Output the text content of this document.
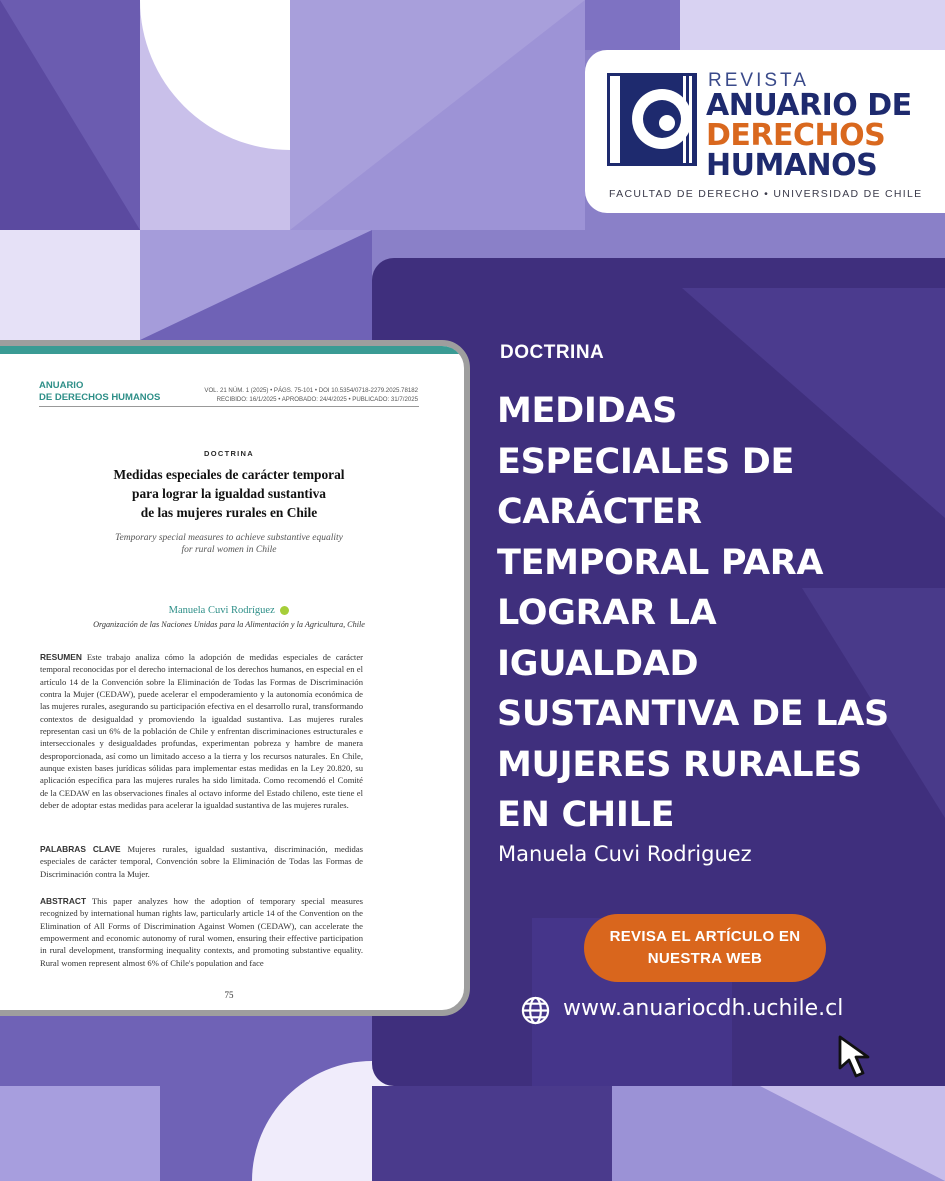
REVISTA
ANUARIO DE
DERECHOS
HUMANOS
FACULTAD DE DERECHO • UNIVERSIDAD DE CHILE
DOCTRINA
MEDIDAS
ESPECIALES DE
CARÁCTER
TEMPORAL PARA
LOGRAR LA
IGUALDAD
SUSTANTIVA DE LAS
MUJERES RURALES
EN CHILE
Manuela Cuvi Rodriguez
REVISA EL ARTÍCULO EN
NUESTRA WEB
www.anuariocdh.uchile.cl
ANUARIO
DE DERECHOS HUMANOS
VOL. 21 NÚM. 1 (2025) • PÁGS. 75-101 • DOI 10.5354/0718-2279.2025.78182
RECIBIDO: 16/1/2025 • APROBADO: 24/4/2025 • PUBLICADO: 31/7/2025
DOCTRINA
Medidas especiales de carácter temporal
para lograr la igualdad sustantiva
de las mujeres rurales en Chile
Temporary special measures to achieve substantive equality
for rural women in Chile
Manuela Cuvi Rodríguez
Organización de las Naciones Unidas para la Alimentación y la Agricultura, Chile
RESUMEN Este trabajo analiza cómo la adopción de medidas especiales de carácter temporal reconocidas por el derecho internacional de los derechos humanos, en especial en el artículo 14 de la Convención sobre la Eliminación de Todas las Formas de Discriminación contra la Mujer (CEDAW), puede acelerar el empoderamiento y la autonomía económica de las mujeres rurales, asegurando su participación efectiva en el desarrollo rural, transformando contextos de desigualdad y promoviendo la igualdad sustantiva. Las mujeres rurales representan casi un 6% de la población de Chile y enfrentan discriminaciones estructurales e interseccionales y desigualdades profundas, experimentan pobreza y hambre de manera desproporcionada, así como un limitado acceso a la tierra y los recursos naturales. En Chile, aunque existen bases jurídicas sólidas para implementar estas medidas en la Ley 20.820, su aplicación específica para las mujeres rurales ha sido limitada. Como recomendó el Comité de la CEDAW en las observaciones finales al octavo informe del Estado chileno, este tiene el deber de adoptar estas medidas para acelerar la igualdad sustantiva de las mujeres rurales.
PALABRAS CLAVE Mujeres rurales, igualdad sustantiva, discriminación, medidas especiales de carácter temporal, Convención sobre la Eliminación de Todas las Formas de Discriminación contra la Mujer.
ABSTRACT This paper analyzes how the adoption of temporary special measures recognized by international human rights law, particularly article 14 of the Convention on the Elimination of All Forms of Discrimination Against Women (CEDAW), can accelerate the empowerment and economic autonomy of rural women, ensuring their effective participation in rural development, transforming inequality contexts, and promoting substantive equality. Rural women represent almost 6% of Chile's population and face
75
